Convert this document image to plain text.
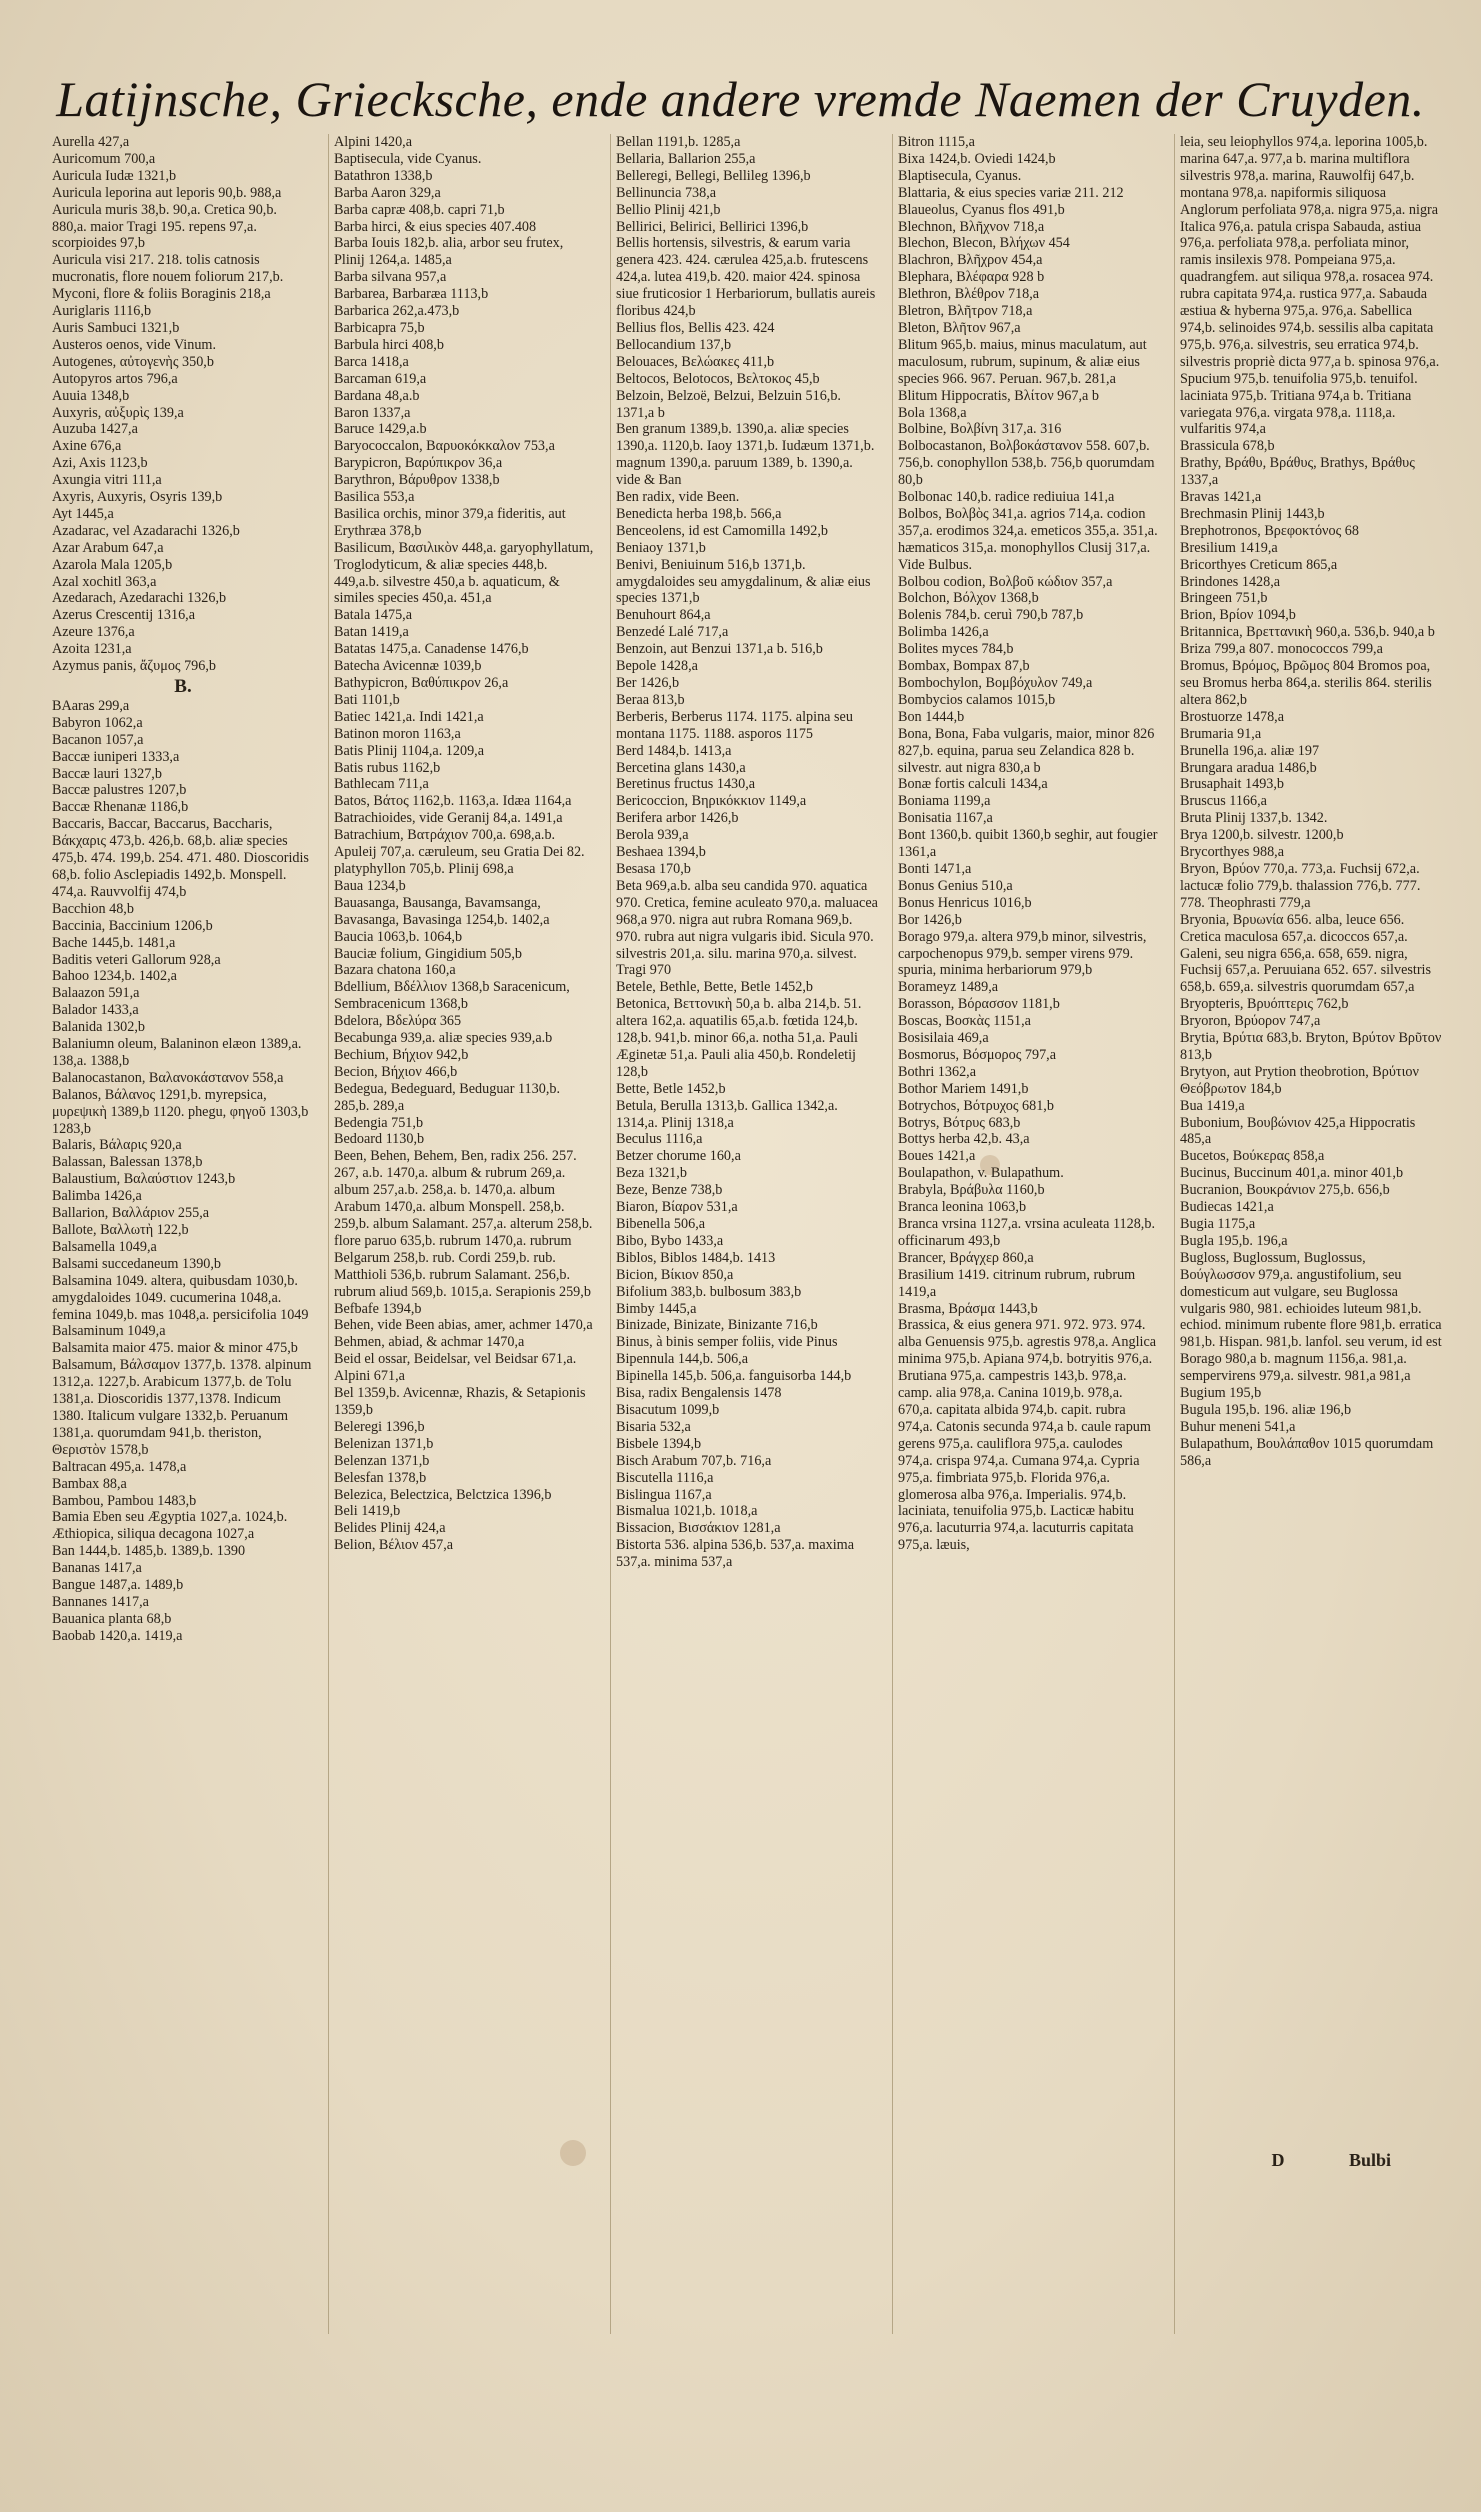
Latijnsche, Griecksche, ende andere vremde Naemen der Cruyden.

Aurella 427,a

Auricomum 700,a

Auricula Iudæ 1321,b

Auricula leporina aut leporis 90,b. 988,a

Auricula muris 38,b. 90,a. Cretica 90,b. 880,a. maior Tragi 195. repens 97,a. scorpioides 97,b

Auricula visi 217. 218. tolis catnosis mucronatis, flore nouem foliorum 217,b. Myconi, flore & foliis Boraginis 218,a

Auriglaris 1116,b

Auris Sambuci 1321,b

Austeros oenos, vide Vinum.

Autogenes, αὐτογενὴς 350,b

Autopyros artos 796,a

Auuia 1348,b

Auxyris, αὐξυρὶς 139,a

Auzuba 1427,a

Axine 676,a

Azi, Axis 1123,b

Axungia vitri 111,a

Axyris, Auxyris, Osyris 139,b

Ayt 1445,a

Azadarac, vel Azadarachi 1326,b

Azar Arabum 647,a

Azarola Mala 1205,b

Azal xochitl 363,a

Azedarach, Azedarachi 1326,b

Azerus Crescentij 1316,a

Azeure 1376,a

Azoita 1231,a

Azymus panis, ἄζυμος 796,b

B.

BAaras 299,a

Babyron 1062,a

Bacanon 1057,a

Baccæ iuniperi 1333,a

Baccæ lauri 1327,b

Baccæ palustres 1207,b

Baccæ Rhenanæ 1186,b

Baccaris, Baccar, Baccarus, Baccharis, Βάκχαρις 473,b. 426,b. 68,b. aliæ species 475,b. 474. 199,b. 254. 471. 480. Dioscoridis 68,b. folio Asclepiadis 1492,b. Monspell. 474,a. Rauvvolfij 474,b

Bacchion 48,b

Baccinia, Baccinium 1206,b

Bache 1445,b. 1481,a

Baditis veteri Gallorum 928,a

Bahoo 1234,b. 1402,a

Balaazon 591,a

Balador 1433,a

Balanida 1302,b

Balaniumn oleum, Balaninon elæon 1389,a. 138,a. 1388,b

Balanocastanon, Βαλανοκάστανον 558,a

Balanos, Βάλανος 1291,b. myrepsica, μυρεψικὴ 1389,b 1120. phegu, φηγοῦ 1303,b 1283,b

Balaris, Βάλαρις 920,a

Balassan, Balessan 1378,b

Balaustium, Βαλαύστιον 1243,b

Balimba 1426,a

Ballarion, Βαλλάριον 255,a

Ballote, Βαλλωτὴ 122,b

Balsamella 1049,a

Balsami succedaneum 1390,b

Balsamina 1049. altera, quibusdam 1030,b. amygdaloides 1049. cucumerina 1048,a. femina 1049,b. mas 1048,a. persicifolia 1049

Balsaminum 1049,a

Balsamita maior 475. maior & minor 475,b

Balsamum, Βάλσαμον 1377,b. 1378. alpinum 1312,a. 1227,b. Arabicum 1377,b. de Tolu 1381,a. Dioscoridis 1377,1378. Indicum 1380. Italicum vulgare 1332,b. Peruanum 1381,a. quorumdam 941,b. theriston, Θεριστὸν 1578,b

Baltracan 495,a. 1478,a

Bambax 88,a

Bambou, Pambou 1483,b

Bamia Eben seu Ægyptia 1027,a. 1024,b. Æthiopica, siliqua decagona 1027,a

Ban 1444,b. 1485,b. 1389,b. 1390

Bananas 1417,a

Bangue 1487,a. 1489,b

Bannanes 1417,a

Bauanica planta 68,b

Baobab 1420,a. 1419,a

Alpini 1420,a

Baptisecula, vide Cyanus.

Batathron 1338,b

Barba Aaron 329,a

Barba capræ 408,b. capri 71,b

Barba hirci, & eius species 407.408

Barba Iouis 182,b. alia, arbor seu frutex, Plinij 1264,a. 1485,a

Barba silvana 957,a

Barbarea, Barbaræa 1113,b

Barbarica 262,a.473,b

Barbicapra 75,b

Barbula hirci 408,b

Barca 1418,a

Barcaman 619,a

Bardana 48,a.b

Baron 1337,a

Baruce 1429,a.b

Baryococcalon, Βαρυοκόκκαλον 753,a

Barypicron, Βαρύπικρον 36,a

Barythron, Βάρυθρον 1338,b

Basilica 553,a

Basilica orchis, minor 379,a fideritis, aut Erythræa 378,b

Basilicum, Βασιλικὸν 448,a. garyophyllatum, Troglodyticum, & aliæ species 448,b. 449,a.b. silvestre 450,a b. aquaticum, & similes species 450,a. 451,a

Batala 1475,a

Batan 1419,a

Batatas 1475,a. Canadense 1476,b

Batecha Avicennæ 1039,b

Bathypicron, Βαθύπικρον 26,a

Bati 1101,b

Batiec 1421,a. Indi 1421,a

Batinon moron 1163,a

Batis Plinij 1104,a. 1209,a

Batis rubus 1162,b

Bathlecam 711,a

Batos, Βάτος 1162,b. 1163,a. Idæa 1164,a

Batrachioides, vide Geranij 84,a. 1491,a

Batrachium, Βατράχιον 700,a. 698,a.b. Apuleij 707,a. cæruleum, seu Gratia Dei 82. platyphyllon 705,b. Plinij 698,a

Baua 1234,b

Bauasanga, Bausanga, Bavamsanga, Bavasanga, Bavasinga 1254,b. 1402,a

Baucia 1063,b. 1064,b

Bauciæ folium, Gingidium 505,b

Bazara chatona 160,a

Bdellium, Βδέλλιον 1368,b Saracenicum, Sembracenicum 1368,b

Bdelora, Βδελύρα 365

Becabunga 939,a. aliæ species 939,a.b

Bechium, Βήχιον 942,b

Becion, Βήχιον 466,b

Bedegua, Bedeguard, Beduguar 1130,b. 285,b. 289,a

Bedengia 751,b

Bedoard 1130,b

Been, Behen, Behem, Ben, radix 256. 257. 267, a.b. 1470,a. album & rubrum 269,a. album 257,a.b. 258,a. b. 1470,a. album Arabum 1470,a. album Monspell. 258,b. 259,b. album Salamant. 257,a. alterum 258,b. flore paruo 635,b. rubrum 1470,a. rubrum Belgarum 258,b. rub. Cordi 259,b. rub. Matthioli 536,b. rubrum Salamant. 256,b. rubrum aliud 569,b. 1015,a. Serapionis 259,b

Befbafe 1394,b

Behen, vide Been abias, amer, achmer 1470,a

Behmen, abiad, & achmar 1470,a

Beid el ossar, Beidelsar, vel Beidsar 671,a. Alpini 671,a

Bel 1359,b. Avicennæ, Rhazis, & Setapionis 1359,b

Beleregi 1396,b

Belenizan 1371,b

Belenzan 1371,b

Belesfan 1378,b

Belezica, Belectzica, Belctzica 1396,b

Beli 1419,b

Belides Plinij 424,a

Belion, Βέλιον 457,a

Bellan 1191,b. 1285,a

Bellaria, Ballarion 255,a

Belleregi, Bellegi, Bellileg 1396,b

Bellinuncia 738,a

Bellio Plinij 421,b

Bellirici, Belirici, Bellirici 1396,b

Bellis hortensis, silvestris, & earum varia genera 423. 424. cærulea 425,a.b. frutescens 424,a. lutea 419,b. 420. maior 424. spinosa siue fruticosior 1 Herbariorum, bullatis aureis floribus 424,b

Bellius flos, Bellis 423. 424

Bellocandium 137,b

Belouaces, Βελώακες 411,b

Beltocos, Belotocos, Βελτοκος 45,b

Belzoin, Belzoë, Belzui, Belzuin 516,b. 1371,a b

Ben granum 1389,b. 1390,a. aliæ species 1390,a. 1120,b. Iaoy 1371,b. Iudæum 1371,b. magnum 1390,a. paruum 1389, b. 1390,a. vide & Ban

Ben radix, vide Been.

Benedicta herba 198,b. 566,a

Benceolens, id est Camomilla 1492,b

Beniaoy 1371,b

Benivi, Beniuinum 516,b 1371,b. amygdaloides seu amygdalinum, & aliæ eius species 1371,b

Benuhourt 864,a

Benzedé Lalé 717,a

Benzoin, aut Benzui 1371,a b. 516,b

Bepole 1428,a

Ber 1426,b

Beraa 813,b

Berberis, Berberus 1174. 1175. alpina seu montana 1175. 1188. asporos 1175

Berd 1484,b. 1413,a

Bercetina glans 1430,a

Beretinus fructus 1430,a

Bericoccion, Βηρικόκκιον 1149,a

Berifera arbor 1426,b

Berola 939,a

Beshaea 1394,b

Besasa 170,b

Beta 969,a.b. alba seu candida 970. aquatica 970. Cretica, femine aculeato 970,a. maluacea 968,a 970. nigra aut rubra Romana 969,b. 970. rubra aut nigra vulgaris ibid. Sicula 970. silvestris 201,a. silu. marina 970,a. silvest. Tragi 970

Betele, Bethle, Bette, Betle 1452,b

Betonica, Βεττονικὴ 50,a b. alba 214,b. 51. altera 162,a. aquatilis 65,a.b. fœtida 124,b. 128,b. 941,b. minor 66,a. notha 51,a. Pauli Æginetæ 51,a. Pauli alia 450,b. Rondeletij 128,b

Bette, Betle 1452,b

Betula, Berulla 1313,b. Gallica 1342,a. 1314,a. Plinij 1318,a

Beculus 1116,a

Betzer chorume 160,a

Beza 1321,b

Beze, Benze 738,b

Biaron, Βίαρον 531,a

Bibenella 506,a

Bibo, Bybo 1433,a

Biblos, Biblos 1484,b. 1413

Bicion, Βίκιον 850,a

Bifolium 383,b. bulbosum 383,b

Bimby 1445,a

Binizade, Binizate, Binizante 716,b

Binus, à binis semper foliis, vide Pinus

Bipennula 144,b. 506,a

Bipinella 145,b. 506,a. fanguisorba 144,b

Bisa, radix Bengalensis 1478

Bisacutum 1099,b

Bisaria 532,a

Bisbele 1394,b

Bisch Arabum 707,b. 716,a

Biscutella 1116,a

Bislingua 1167,a

Bismalua 1021,b. 1018,a

Bissacion, Βισσάκιον 1281,a

Bistorta 536. alpina 536,b. 537,a. maxima 537,a. minima 537,a

Bitron 1115,a

Bixa 1424,b. Oviedi 1424,b

Blaptisecula, Cyanus.

Blattaria, & eius species variæ 211. 212

Blaueolus, Cyanus flos 491,b

Blechnon, Βλῆχνον 718,a

Blechon, Blecon, Βλήχων 454

Blachron, Βλῆχρον 454,a

Blephara, Βλέφαρα 928 b

Blethron, Βλέθρον 718,a

Bletron, Βλῆτρον 718,a

Bleton, Βλῆτον 967,a

Blitum 965,b. maius, minus maculatum, aut maculosum, rubrum, supinum, & aliæ eius species 966. 967. Peruan. 967,b. 281,a

Blitum Hippocratis, Βλίτον 967,a b

Bola 1368,a

Bolbine, Βολβίνη 317,a. 316

Bolbocastanon, Βολβοκάστανον 558. 607,b. 756,b. conophyllon 538,b. 756,b quorumdam 80,b

Bolbonac 140,b. radice rediuiua 141,a

Bolbos, Βολβὸς 341,a. agrios 714,a. codion 357,a. erodimos 324,a. emeticos 355,a. 351,a. hæmaticos 315,a. monophyllos Clusij 317,a. Vide Bulbus.

Bolbou codion, Βολβοῦ κώδιον 357,a

Bolchon, Βόλχον 1368,b

Bolenis 784,b. ceruì 790,b 787,b

Bolimba 1426,a

Bolites myces 784,b

Bombax, Bompax 87,b

Bombochylon, Βομβόχυλον 749,a

Bombycios calamos 1015,b

Bon 1444,b

Bona, Bona, Faba vulgaris, maior, minor 826 827,b. equina, parua seu Zelandica 828 b. silvestr. aut nigra 830,a b

Bonæ fortis calculi 1434,a

Boniama 1199,a

Bonisatia 1167,a

Bont 1360,b. quibit 1360,b seghir, aut fougier 1361,a

Bonti 1471,a

Bonus Genius 510,a

Bonus Henricus 1016,b

Bor 1426,b

Borago 979,a. altera 979,b minor, silvestris, carpochenopus 979,b. semper virens 979. spuria, minima herbariorum 979,b

Borameyz 1489,a

Borasson, Βόρασσον 1181,b

Boscas, Βοσκὰς 1151,a

Bosisilaia 469,a

Bosmorus, Βόσμορος 797,a

Bothri 1362,a

Bothor Mariem 1491,b

Botrychos, Βότρυχος 681,b

Botrys, Βότρυς 683,b

Bottys herba 42,b. 43,a

Boues 1421,a

Boulapathon, v. Bulapathum.

Brabyla, Βράβυλα 1160,b

Branca leonina 1063,b

Branca vrsina 1127,a. vrsina aculeata 1128,b. officinarum 493,b

Brancer, Βράγχερ 860,a

Brasilium 1419. citrinum rubrum, rubrum 1419,a

Brasma, Βράσμα 1443,b

Brassica, & eius genera 971. 972. 973. 974. alba Genuensis 975,b. agrestis 978,a. Anglica minima 975,b. Apiana 974,b. botryitis 976,a. Brutiana 975,a. campestris 143,b. 978,a. camp. alia 978,a. Canina 1019,b. 978,a. 670,a. capitata albida 974,b. capit. rubra 974,a. Catonis secunda 974,a b. caule rapum gerens 975,a. cauliflora 975,a. caulodes 974,a. crispa 974,a. Cumana 974,a. Cypria 975,a. fimbriata 975,b. Florida 976,a. glomerosa alba 976,a. Imperialis. 974,b. laciniata, tenuifolia 975,b. Lacticæ habitu 976,a. lacuturria 974,a. lacuturris capitata 975,a. læuis,

leia, seu leiophyllos 974,a. leporina 1005,b. marina 647,a. 977,a b. marina multiflora silvestris 978,a. marina, Rauwolfij 647,b. montana 978,a. napiformis siliquosa Anglorum perfoliata 978,a. nigra 975,a. nigra Italica 976,a. patula crispa Sabauda, astiua 976,a. perfoliata 978,a. perfoliata minor, ramis insilexis 978. Pompeiana 975,a. quadrangfem. aut siliqua 978,a. rosacea 974. rubra capitata 974,a. rustica 977,a. Sabauda æstiua & hyberna 975,a. 976,a. Sabellica 974,b. selinoides 974,b. sessilis alba capitata 975,b. 976,a. silvestris, seu erratica 974,b. silvestris propriè dicta 977,a b. spinosa 976,a. Spucium 975,b. tenuifolia 975,b. tenuifol. laciniata 975,b. Tritiana 974,a b. Tritiana variegata 976,a. virgata 978,a. 1118,a. vulfaritis 974,a

Brassicula 678,b

Brathy, Βράθυ, Βράθυς, Brathys, Βράθυς 1337,a

Bravas 1421,a

Brechmasin Plinij 1443,b

Brephotronos, Βρεφοκτόνος 68

Bresilium 1419,a

Bricorthyes Creticum 865,a

Brindones 1428,a

Bringeen 751,b

Brion, Βρίον 1094,b

Britannica, Βρεττανικὴ 960,a. 536,b. 940,a b

Briza 799,a 807. monococcos 799,a

Bromus, Βρόμος, Βρῶμος 804 Bromos poa, seu Bromus herba 864,a. sterilis 864. sterilis altera 862,b

Brostuorze 1478,a

Brumaria 91,a

Brunella 196,a. aliæ 197

Brungara aradua 1486,b

Brusaphait 1493,b

Bruscus 1166,a

Bruta Plinij 1337,b. 1342.

Brya 1200,b. silvestr. 1200,b

Brycorthyes 988,a

Bryon, Βρύον 770,a. 773,a. Fuchsij 672,a. lactucæ folio 779,b. thalassion 776,b. 777. 778. Theophrasti 779,a

Bryonia, Βρυωνία 656. alba, leuce 656. Cretica maculosa 657,a. dicoccos 657,a. Galeni, seu nigra 656,a. 658, 659. nigra, Fuchsij 657,a. Peruuiana 652. 657. silvestris 658,b. 659,a. silvestris quorumdam 657,a

Bryopteris, Βρυόπτερις 762,b

Bryoron, Βρύορον 747,a

Brytia, Βρύτια 683,b. Bryton, Βρύτον Βρῦτον 813,b

Brytyon, aut Prytion theobrotion, Βρύτιον Θεόβρωτον 184,b

Bua 1419,a

Bubonium, Βουβώνιον 425,a Hippocratis 485,a

Bucetos, Βούκερας 858,a

Bucinus, Buccinum 401,a. minor 401,b

Bucranion, Βουκράνιον 275,b. 656,b

Budiecas 1421,a

Bugia 1175,a

Bugla 195,b. 196,a

Bugloss, Buglossum, Buglossus, Βούγλωσσον 979,a. angustifolium, seu domesticum aut vulgare, seu Buglossa vulgaris 980, 981. echioides luteum 981,b. echiod. minimum rubente flore 981,b. erratica 981,b. Hispan. 981,b. lanfol. seu verum, id est Borago 980,a b. magnum 1156,a. 981,a. sempervirens 979,a. silvestr. 981,a 981,a

Bugium 195,b

Bugula 195,b. 196. aliæ 196,b

Buhur meneni 541,a

Bulapathum, Βουλάπαθον 1015 quorumdam 586,a

D	Bulbi
